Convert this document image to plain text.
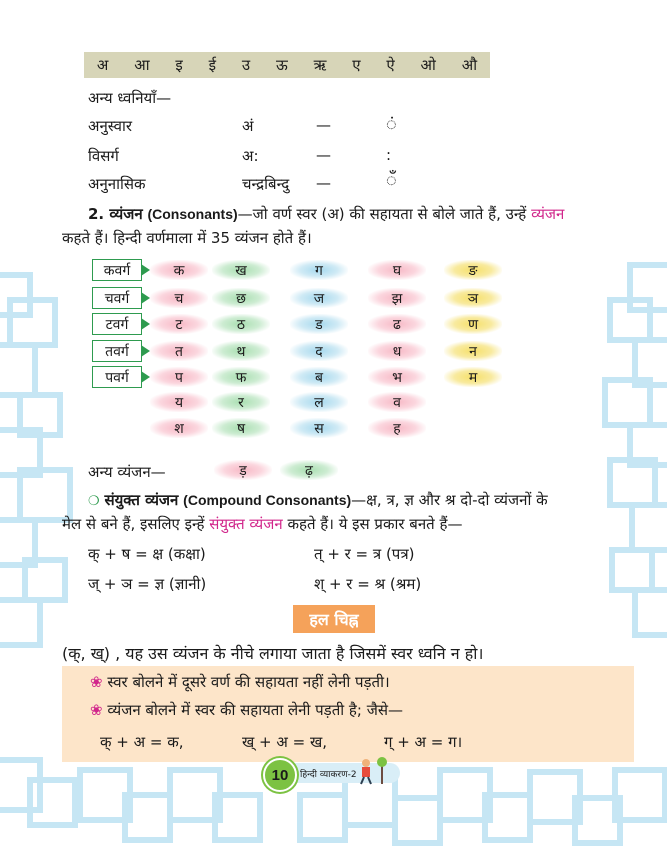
अ आ इ ई उ ऊ ऋ ए ऐ ओ औ
अन्य ध्वनियाँ—
अनुस्वार	अं	—	ं
विसर्ग	अ:	—	:
अनुनासिक	चन्द्रबिन्दु —	ँ
2. व्यंजन (Consonants)—जो वर्ण स्वर (अ) की सहायता से बोले जाते हैं, उन्हें व्यंजन
कहते हैं। हिन्दी वर्णमाला में 35 व्यंजन होते हैं।
कवर्ग	क	ख	ग	घ	ङ
चवर्ग	च	छ	ज	झ	ञ
टवर्ग	ट	ठ	ड	ढ	ण
तवर्ग	त	थ	द	ध	न
पवर्ग	प	फ	ब	भ	म
य	र	ल	व
श	ष	स	ह
अन्य व्यंजन—	ड़	ढ़
❍ संयुक्त व्यंजन (Compound Consonants)—क्ष, त्र, ज्ञ और श्र दो-दो व्यंजनों के
मेल से बने हैं, इसलिए इन्हें संयुक्त व्यंजन कहते हैं। ये इस प्रकार बनते हैं—
क् + ष = क्ष (कक्षा)	त् + र = त्र (पत्र)
ज् + ञ = ज्ञ (ज्ञानी)	श् + र = श्र (श्रम)
हल चिह्न
(क्, ख्) , यह उस व्यंजन के नीचे लगाया जाता है जिसमें स्वर ध्वनि न हो।
❀ स्वर बोलने में दूसरे वर्ण की सहायता नहीं लेनी पड़ती।
❀ व्यंजन बोलने में स्वर की सहायता लेनी पड़ती है; जैसे—
क् + अ = क,	ख् + अ = ख,	ग् + अ = ग।
हिन्दी व्याकरण-2
10
